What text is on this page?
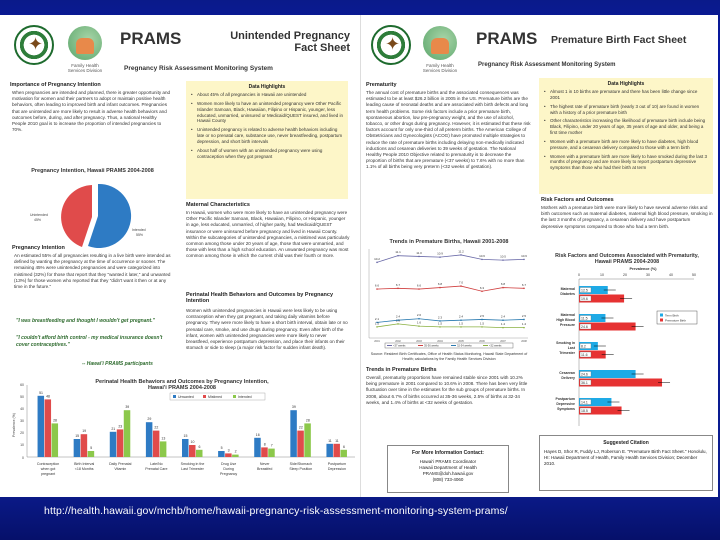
✦
Family Health Services Division
PRAMS	Unintended Pregnancy
Fact Sheet
Pregnancy Risk Assessment Monitoring System
Importance of Pregnancy Intention
When pregnancies are intended and planned, there is greater opportunity and motivation for women and their partners to adopt or maintain positive health behaviors, often leading to improved birth and infant outcomes. Pregnancies that are unintended are more likely to result in adverse health behaviors and outcomes before, during, and after pregnancy. Thus, a national Healthy People 2010 goal is to increase the proportion of intended pregnancies to 70%.
Pregnancy Intention, Hawaii PRAMS 2004-2008
Unintended
45%
Intended
55%
Pregnancy Intention
An estimated 55% of all pregnancies resulting in a live birth were intended as defined by wanting the pregnancy at the time of occurrence or sooner. The remaining 45% were unintended pregnancies and were categorized into mistimed (32%) for those that report that they "wanted it later," and unwanted (13%) for those women who reported that they "didn't want it then or at any time in the future."
"I was breastfeeding and thought I wouldn't get pregnant."
"I couldn't afford birth control - my medical insurance doesn't cover contraceptives."
-- Hawai'i PRAMS participants
Data Highlights
• About 45% of all pregnancies in Hawaii are unintended
• Women more likely to have an unintended pregnancy were Other Pacific Islander Samoan, Black, Hawaiian, Filipino or Hispanic, younger, less educated, unmarried, uninsured or Medicaid/QUEST insured, and lived in Hawaii County
• Unintended pregnancy is related to adverse health behaviors including late or no prenatal care, substance use, never breastfeeding, postpartum depression, and short birth intervals
• About half of women with an unintended pregnancy were using contraception when they got pregnant
Maternal Characteristics
In Hawaii, women who were more likely to have an unintended pregnancy were Other Pacific Islander Samoan, Black, Hawaiian, Filipino, or Hispanic, younger in age, less educated, unmarried, of higher parity, had Medicaid/QUEST insurance or were uninsured before pregnancy and lived in Hawaii County. Within the subcategories of unintended pregnancies, a mistimed was particularly common among those under 20 years of age, those that were unmarried, and those with less than a high school education. An unwanted pregnancy was most common among those in which the current child was their fourth or more.
Perinatal Health Behaviors and Outcomes by Pregnancy Intention
Women with unintended pregnancies in Hawaii were less likely to be using contraception when they got pregnant, and taking daily vitamins before pregnancy. They were more likely to have a short birth interval, obtain late or no prenatal care, smoke, and use drugs during pregnancy. Even after birth of the infant, women with unintended pregnancies were more likely to never breastfeed, experience postpartum depression, and place their infants on their stomach or side to sleep (a major risk factor for sudden infant death).
Perinatal Health Behaviors and Outcomes by Pregnancy Intention,
Hawai'i PRAMS 2004-2008
60
50
40
30
20
10
0
Prevalence (%)
Unwanted	Mistimed	Intended
51
48
28
Contraception
when got
pregnant
15
19
5
Birth Interval
<18 Months
21
23
39
Daily Prenatal
Vitamin
29
22
13
Late/No
Prenatal Care
15
10
6
Smoking in the
Last Trimester
5
3 2
Drug Use
During
Pregnancy
16
8 7
Never
Breastfed
39
22
28
Side/Stomach
Sleep Position
11 11
6
Postpartum
Depression
✦
Family Health Services Division
PRAMS Premature Birth Fact Sheet
Pregnancy Risk Assessment Monitoring System
Prematurity
The annual cost of premature births and the associated consequences was estimated to be at least $26.2 billion in 2005 in the US. Premature births are the leading cause of neonatal deaths and are associated with birth defects and long term health problems. Some risk factors include a prior premature birth, spontaneous abortion, low pre-pregnancy weight, and the use of alcohol, tobacco, or other drugs during pregnancy. However, it is estimated that these risk factors account for only one-third of all preterm births. The American College of Obstetricians and Gynecologists (ACOG) have promoted multiple strategies to reduce the rate of premature births including delaying non-medically indicated inductions and cesarean deliveries to 39 weeks of gestation. The National Healthy People 2010 Objective related to prematurity is to decrease the proportion of births that are premature (<37 weeks) to 7.6% with no more than 1.1% of all births being very preterm (<32 weeks of gestation).
Trends in Premature Births, Hawaii 2001-2008
10.2
11.1	11.0	10.9
11.2
10.6	10.5	10.6
6.6	6.7	6.6	6.8	7.0
6.3
6.8	6.7
2.1
2.4	2.6
2.3	2.4	2.5	2.4	2.5
1.5
1.9
1.6	1.5	1.5	1.5	1.4	1.4
2001	2002	2003	2004	2005	2006	2007	2008
<37 weeks	35-36 weeks	32-34 weeks	<32 weeks
Source: Resident Birth Certificates, Office of Health Status Monitoring, Hawaii State Department of Health; calculations by the Family Health Services Division
Trends in Premature Births
Overall, prematurity proportions have remained stable since 2001 with 10.2% being premature in 2001 compared to 10.6% in 2008. There has been very little fluctuation over time in the estimates for the sub groups of premature births. In 2008, about 6.7% of births occurred at 35-36 weeks, 2.5% of births at 32-34 weeks, and 1.4% of births at <32 weeks of gestation.
For More Information Contact:
Hawai'i PRAMS Coordinator
Hawaii Department of Health
PRAMS@doh.hawaii.gov
(808) 733-4060
Data Highlights
• Almost 1 in 10 births are premature and there has been little change since 2001
• The highest rate of premature birth (nearly 3 out of 10) are found in women with a history of a prior premature birth
• Other characteristics increasing the likelihood of premature birth include being Black, Filipino, under 20 years of age, 35 years of age and older, and being a first time mother
• Women with a premature birth are more likely to have diabetes, high blood pressure, and a cesarean delivery compared to those with a term birth
• Women with a premature birth are more likely to have smoked during the last 3 months of pregnancy and are more likely to report postpartum depressive symptoms than those who had their birth at term
Risk Factors and Outcomes
Mothers with a premature birth were more likely to have several adverse risks and birth outcomes such as maternal diabetes, maternal high blood pressure, smoking in the last 3 months of pregnancy, a cesarean delivery and have postpartum depressive symptoms compared to those who had a term birth.
Risk Factors and Outcomes Associated with Prematurity,
Hawaii PRAMS 2004-2008
Prevalence (%)
0	10	20	30	40	50
12.5
19.6
Maternal
Diabetes
11.5
24.6
Maternal
High Blood
Pressure
8.2
11.6
Smoking in
Last
Trimester
24.6
36.1
Cesarean
Delivery
14.1
18.5
Postpartum
Depressive
Symptoms
Term Birth
Premature Birth
Suggested Citation
Hayes D, Shor R, Fuddy LJ, Roberson E. "Premature Birth Fact Sheet." Honolulu, HI: Hawaii Department of Health, Family Health Services Division; December 2010.
http://health.hawaii.gov/mchb/home/hawaii-pregnancy-risk-assessment-monitoring-system-prams/
